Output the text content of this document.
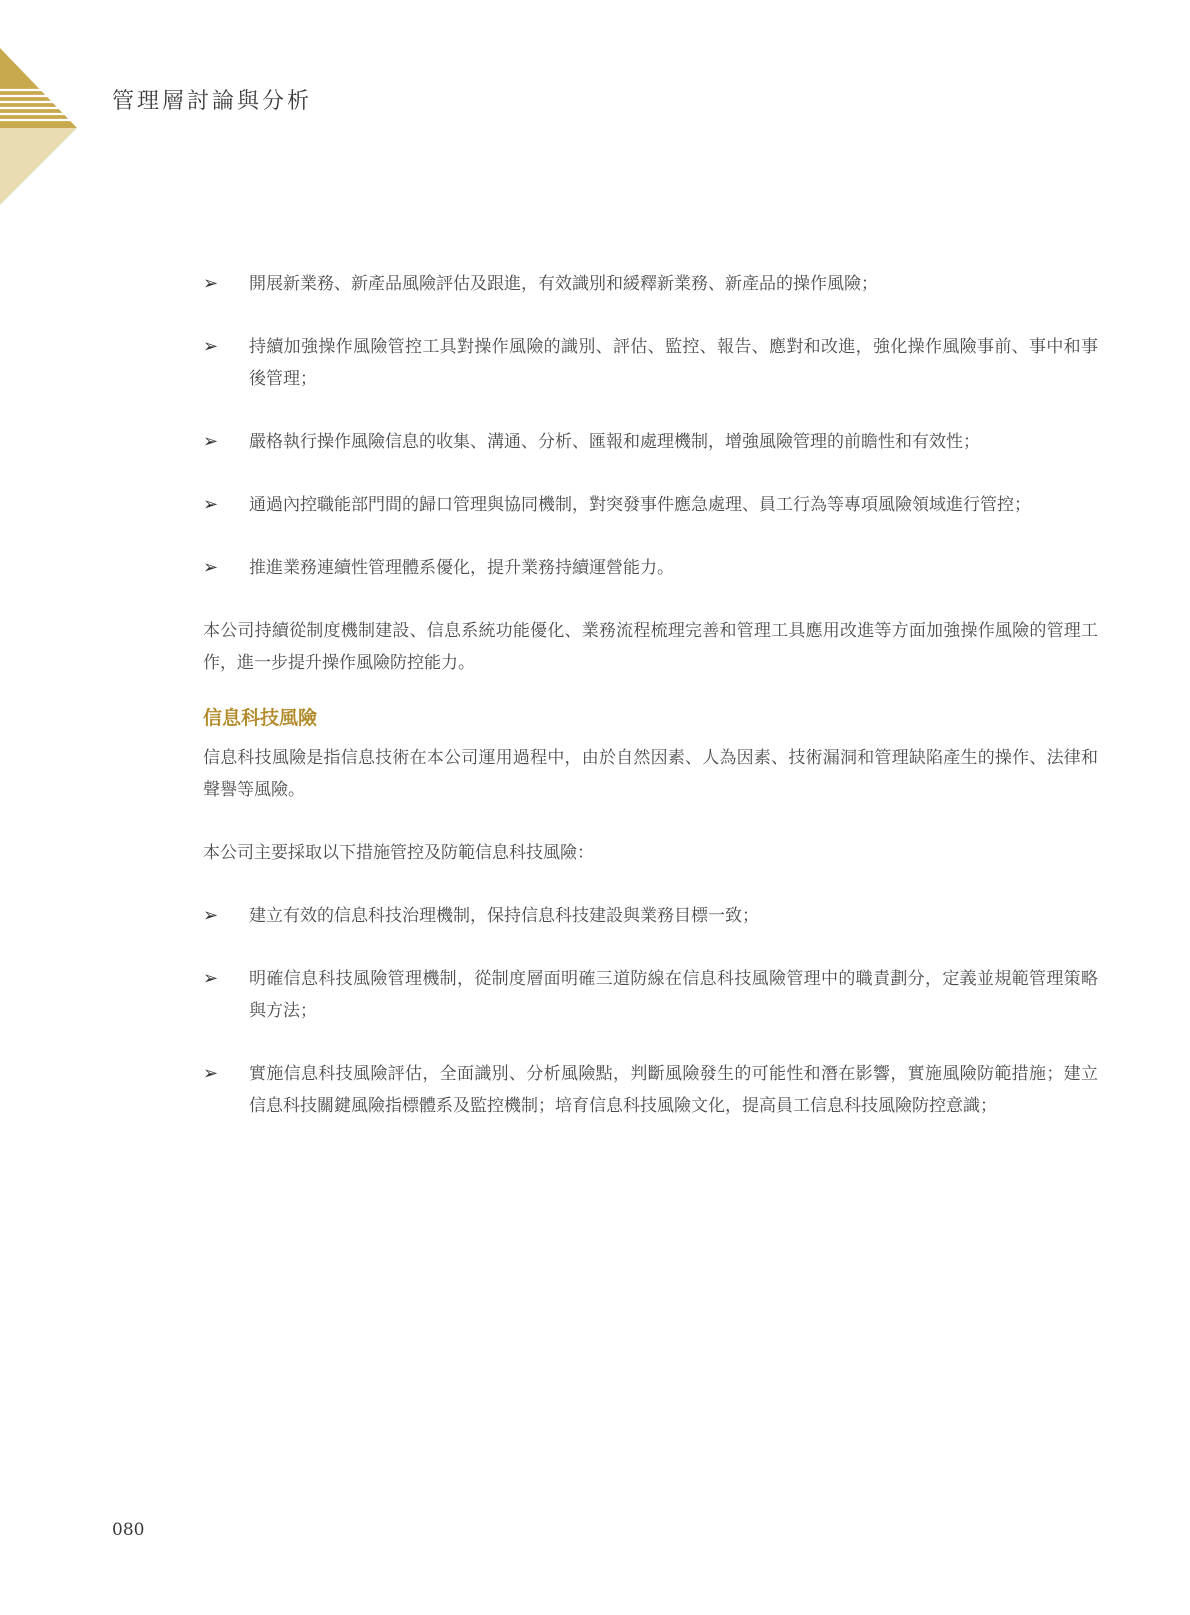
管理層討論與分析
➢	開展新業務、新產品風險評估及跟進，有效識別和緩釋新業務、新產品的操作風險；
➢	持續加強操作風險管控工具對操作風險的識別、評估、監控、報告、應對和改進，強化操作風險事前、事中和事後管理；
➢	嚴格執行操作風險信息的收集、溝通、分析、匯報和處理機制，增強風險管理的前瞻性和有效性；
➢	通過內控職能部門間的歸口管理與協同機制，對突發事件應急處理、員工行為等專項風險領域進行管控；
➢	推進業務連續性管理體系優化，提升業務持續運營能力。

本公司持續從制度機制建設、信息系統功能優化、業務流程梳理完善和管理工具應用改進等方面加強操作風險的管理工作，進一步提升操作風險防控能力。

信息科技風險

信息科技風險是指信息技術在本公司運用過程中，由於自然因素、人為因素、技術漏洞和管理缺陷產生的操作、法律和聲譽等風險。

本公司主要採取以下措施管控及防範信息科技風險：

➢	建立有效的信息科技治理機制，保持信息科技建設與業務目標一致；
➢	明確信息科技風險管理機制，從制度層面明確三道防線在信息科技風險管理中的職責劃分，定義並規範管理策略與方法；
➢	實施信息科技風險評估，全面識別、分析風險點，判斷風險發生的可能性和潛在影響，實施風險防範措施；建立信息科技關鍵風險指標體系及監控機制；培育信息科技風險文化，提高員工信息科技風險防控意識；
080
